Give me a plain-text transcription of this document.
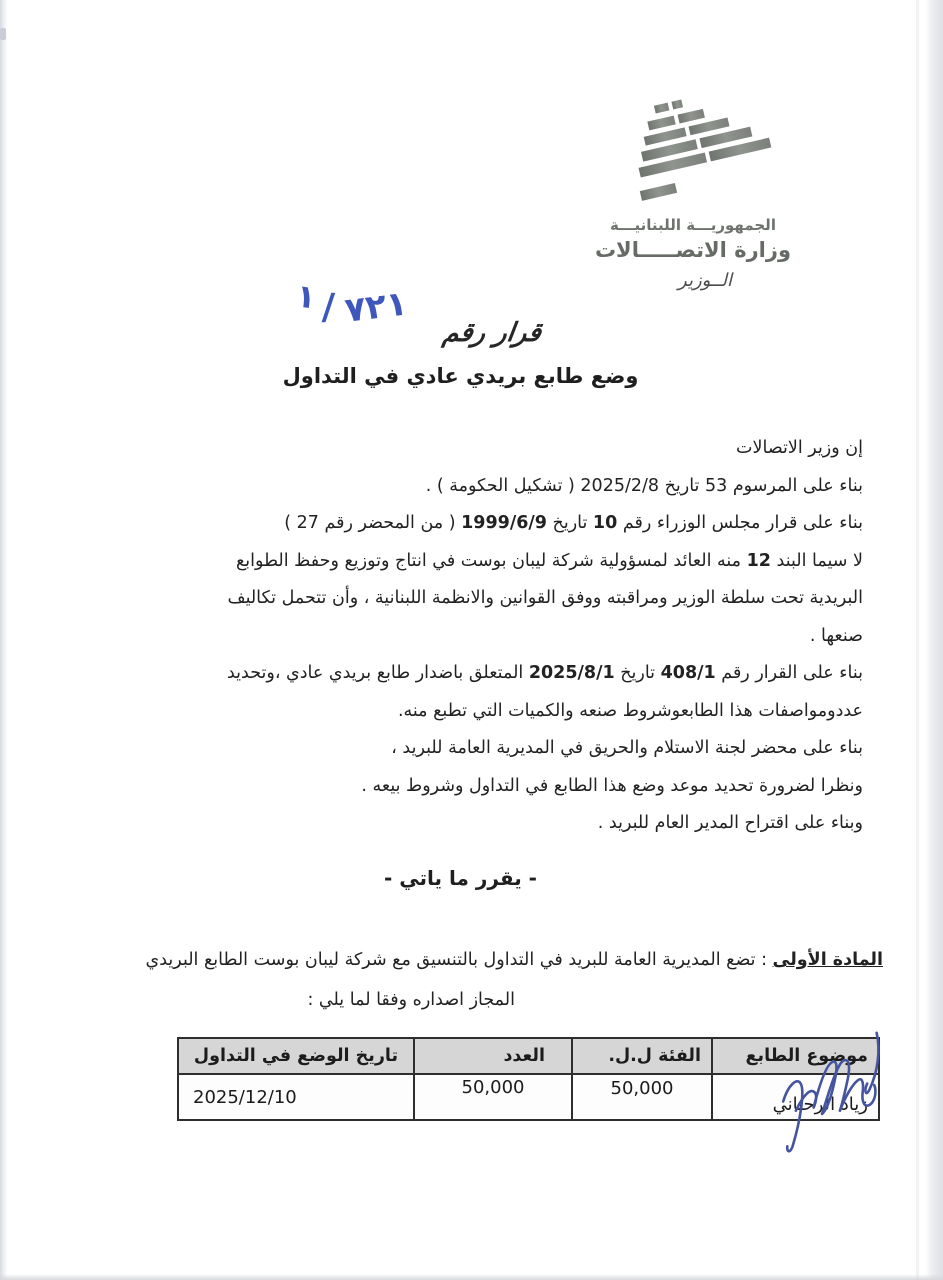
الجمهوريـــة اللبنانيـــة
وزارة الاتصـــــالات
الــوزير
قرار رقم
١ / ٧٢١
وضع طابع بريدي عادي في التداول
إن وزير الاتصالات
بناء على المرسوم 53 تاريخ 2025/2/8 ( تشكيل الحكومة ) .
بناء على قرار مجلس الوزراء رقم 10 تاريخ 1999/6/9 ( من المحضر رقم 27 )
لا سيما البند 12 منه العائد لمسؤولية شركة ليبان بوست في انتاج وتوزيع وحفظ الطوابع
البريدية تحت سلطة الوزير ومراقبته ووفق القوانين والانظمة اللبنانية ، وأن تتحمل تكاليف
صنعها .
بناء على القرار رقم 408/1 تاريخ 2025/8/1 المتعلق باضدار طابع بريدي عادي ،وتحديد
عددومواصفات هذا الطابعوشروط صنعه والكميات التي تطبع منه.
بناء على محضر لجنة الاستلام والحريق في المديرية العامة للبريد ،
ونظرا لضرورة تحديد موعد وضع هذا الطابع في التداول وشروط بيعه .
وبناء على اقتراح المدير العام للبريد .
- يقرر ما ياتي -
المادة الأولى : تضع المديرية العامة للبريد في التداول بالتنسيق مع شركة ليبان بوست الطابع البريدي
المجاز اصداره وفقا لما يلي :
موضوع الطابع	الفئة ل.ل.	العدد	تاريخ الوضع في التداول
زياد الرحباني	50,000	50,000	2025/12/10
